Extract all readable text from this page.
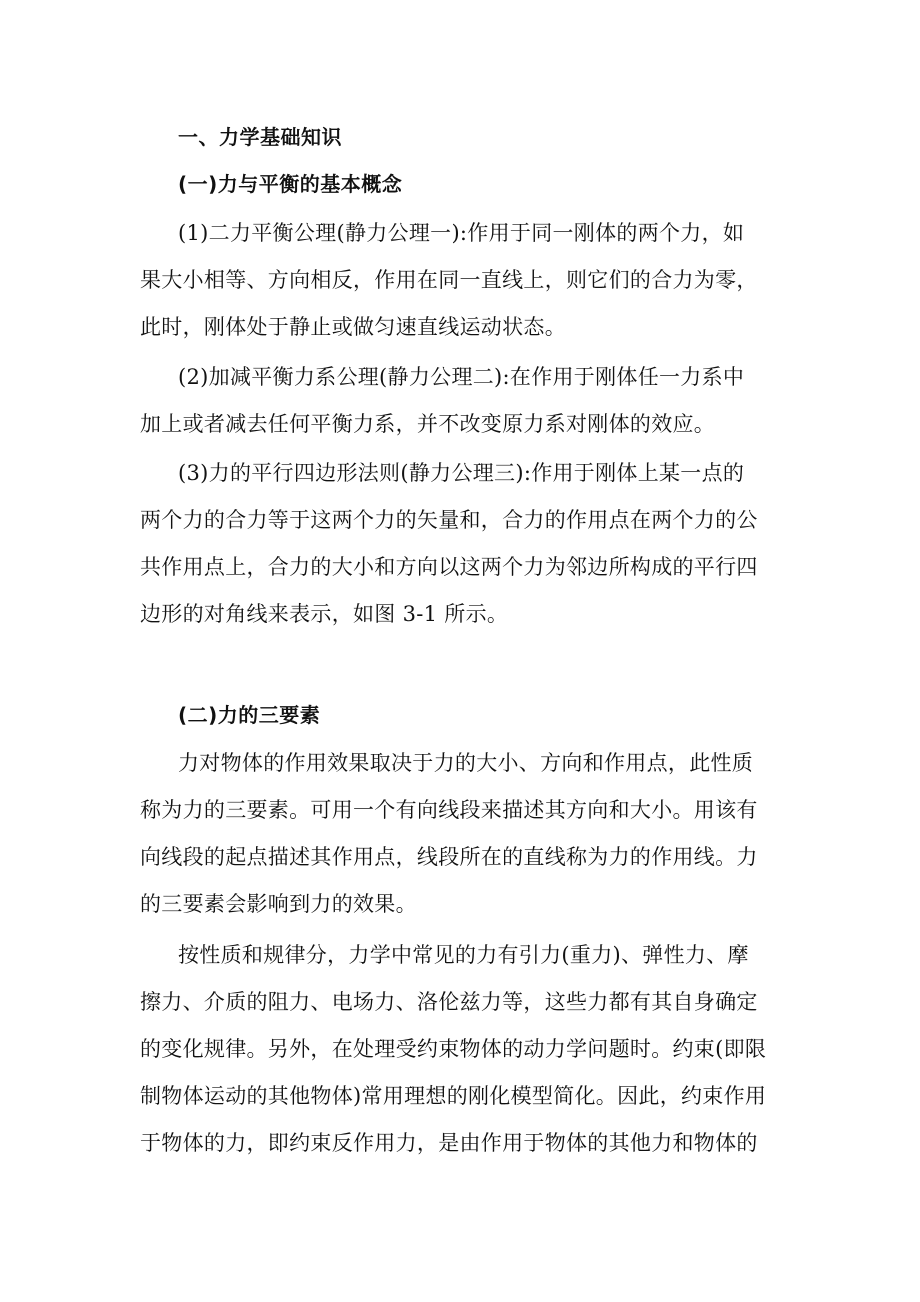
一、力学基础知识
(一)力与平衡的基本概念
(1)二力平衡公理(静力公理一):作用于同一刚体的两个力，如
果大小相等、方向相反，作用在同一直线上，则它们的合力为零，
此时，刚体处于静止或做匀速直线运动状态。
(2)加减平衡力系公理(静力公理二):在作用于刚体任一力系中
加上或者减去任何平衡力系，并不改变原力系对刚体的效应。
(3)力的平行四边形法则(静力公理三):作用于刚体上某一点的
两个力的合力等于这两个力的矢量和，合力的作用点在两个力的公
共作用点上，合力的大小和方向以这两个力为邻边所构成的平行四
边形的对角线来表示，如图 3-1 所示。
(二)力的三要素
力对物体的作用效果取决于力的大小、方向和作用点，此性质
称为力的三要素。可用一个有向线段来描述其方向和大小。用该有
向线段的起点描述其作用点，线段所在的直线称为力的作用线。力
的三要素会影响到力的效果。
按性质和规律分，力学中常见的力有引力(重力)、弹性力、摩
擦力、介质的阻力、电场力、洛伦兹力等，这些力都有其自身确定
的变化规律。另外，在处理受约束物体的动力学问题时。约束(即限
制物体运动的其他物体)常用理想的刚化模型简化。因此，约束作用
于物体的力，即约束反作用力，是由作用于物体的其他力和物体的
